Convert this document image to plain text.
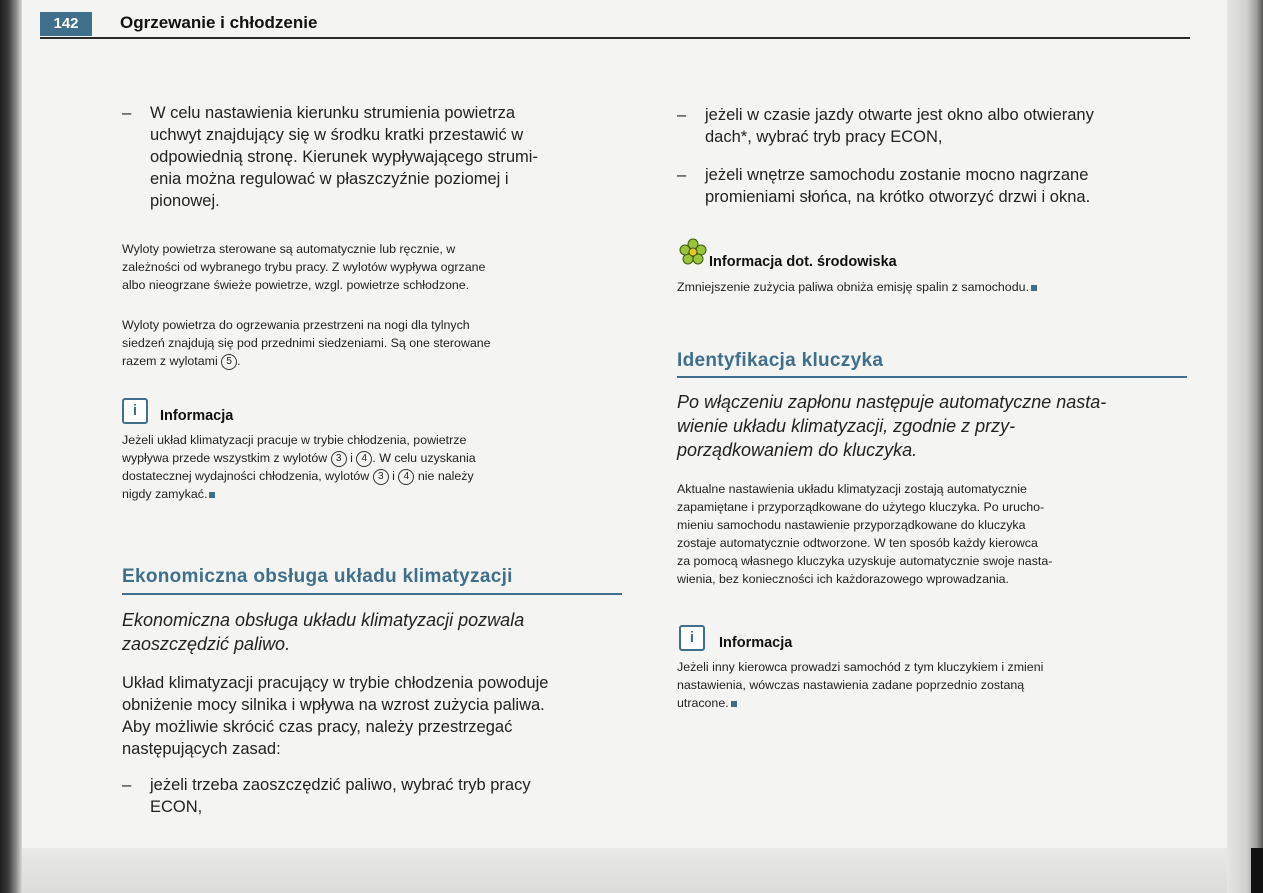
142	Ogrzewanie i chłodzenie
– W celu nastawienia kierunku strumienia powietrza
uchwyt znajdujący się w środku kratki przestawić w
odpowiednią stronę. Kierunek wypływającego strumi-
enia można regulować w płaszczyźnie poziomej i
pionowej.
Wyloty powietrza sterowane są automatycznie lub ręcznie, w
zależności od wybranego trybu pracy. Z wylotów wypływa ogrzane
albo nieogrzane świeże powietrze, wzgl. powietrze schłodzone.
Wyloty powietrza do ogrzewania przestrzeni na nogi dla tylnych
siedzeń znajdują się pod przednimi siedzeniami. Są one sterowane
razem z wylotami 5 .
i	Informacja
Jeżeli układ klimatyzacji pracuje w trybie chłodzenia, powietrze
wypływa przede wszystkim z wylotów 3 i 4 . W celu uzyskania
dostatecznej wydajności chłodzenia, wylotów 3 i 4 nie należy
nigdy zamykać.
Ekonomiczna obsługa układu klimatyzacji
Ekonomiczna obsługa układu klimatyzacji pozwala
zaoszczędzić paliwo.
Układ klimatyzacji pracujący w trybie chłodzenia powoduje
obniżenie mocy silnika i wpływa na wzrost zużycia paliwa.
Aby możliwie skrócić czas pracy, należy przestrzegać
następujących zasad:
– jeżeli trzeba zaoszczędzić paliwo, wybrać tryb pracy
ECON,
– jeżeli w czasie jazdy otwarte jest okno albo otwierany
dach*, wybrać tryb pracy ECON,
– jeżeli wnętrze samochodu zostanie mocno nagrzane
promieniami słońca, na krótko otworzyć drzwi i okna.
Informacja dot. środowiska
Zmniejszenie zużycia paliwa obniża emisję spalin z samochodu.
Identyfikacja kluczyka
Po włączeniu zapłonu następuje automatyczne nasta-
wienie układu klimatyzacji, zgodnie z przy-
porządkowaniem do kluczyka.
Aktualne nastawienia układu klimatyzacji zostają automatycznie
zapamiętane i przyporządkowane do użytego kluczyka. Po urucho-
mieniu samochodu nastawienie przyporządkowane do kluczyka
zostaje automatycznie odtworzone. W ten sposób każdy kierowca
za pomocą własnego kluczyka uzyskuje automatycznie swoje nasta-
wienia, bez konieczności ich każdorazowego wprowadzania.
i	Informacja
Jeżeli inny kierowca prowadzi samochód z tym kluczykiem i zmieni
nastawienia, wówczas nastawienia zadane poprzednio zostaną
utracone.
